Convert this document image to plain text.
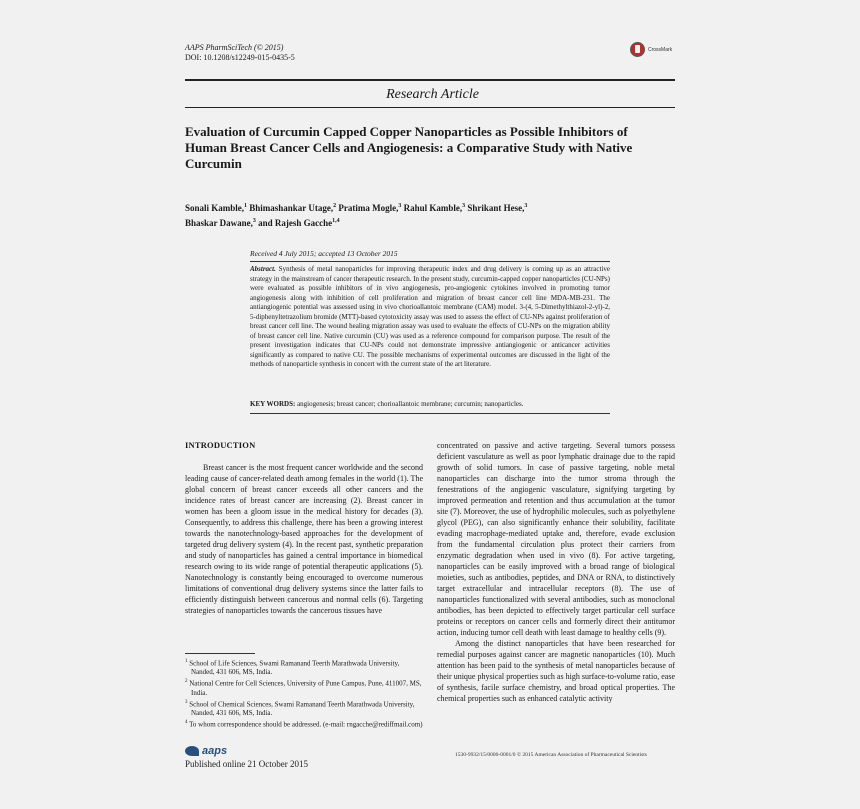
AAPS PharmSciTech (© 2015)
DOI: 10.1208/s12249-015-0435-5
CrossMark
Research Article
Evaluation of Curcumin Capped Copper Nanoparticles as Possible Inhibitors of Human Breast Cancer Cells and Angiogenesis: a Comparative Study with Native Curcumin
Sonali Kamble,$^1$ Bhimashankar Utage,$^2$ Pratima Mogle,$^3$ Rahul Kamble,$^3$ Shrikant Hese,$^3$
Bhaskar Dawane,$^3$ and Rajesh Gacche$^{1,4}$
Received 4 July 2015; accepted 13 October 2015
Abstract. Synthesis of metal nanoparticles for improving therapeutic index and drug delivery is coming up as an attractive strategy in the mainstream of cancer therapeutic research. In the present study, curcumin-capped copper nanoparticles (CU-NPs) were evaluated as possible inhibitors of in vivo angiogenesis, pro-angiogenic cytokines involved in promoting tumor angiogenesis along with inhibition of cell proliferation and migration of breast cancer cell line MDA-MB-231. The antiangiogenic potential was assessed using in vivo chorioallantoic membrane (CAM) model. 3-(4, 5-Dimethylthiazol-2-yl)-2, 5-diphenyltetrazolium bromide (MTT)-based cytotoxicity assay was used to assess the effect of CU-NPs against proliferation of breast cancer cell line. The wound healing migration assay was used to evaluate the effects of CU-NPs on the migration ability of breast cancer cell line. Native curcumin (CU) was used as a reference compound for comparison purpose. The result of the present investigation indicates that CU-NPs could not demonstrate impressive antiangiogenic or anticancer activities significantly as compared to native CU. The possible mechanisms of experimental outcomes are discussed in the light of the methods of nanoparticle synthesis in concert with the current state of the art literature.
KEY WORDS: angiogenesis; breast cancer; chorioallantoic membrane; curcumin; nanoparticles.

INTRODUCTION

Breast cancer is the most frequent cancer worldwide and the second leading cause of cancer-related death among females in the world (1). The global concern of breast cancer exceeds all other cancers and the incidence rates of breast cancer are increasing (2). Breast cancer in women has been a gloom issue in the medical history for decades (3). Consequently, to address this challenge, there has been a growing interest towards the nanotechnology-based approaches for the development of targeted drug delivery system (4). In the recent past, synthetic preparation and study of nanoparticles has gained a central importance in biomedical research owing to its wide range of potential therapeutic applications (5). Nanotechnology is constantly being encouraged to overcome numerous limitations of conventional drug delivery systems since the latter fails to efficiently distinguish between cancerous and normal cells (6). Targeting strategies of nanoparticles towards the cancerous tissues have

concentrated on passive and active targeting. Several tumors possess deficient vasculature as well as poor lymphatic drainage due to the rapid growth of solid tumors. In case of passive targeting, noble metal nanoparticles can discharge into the tumor stroma through the fenestrations of the angiogenic vasculature, signifying targeting by improved permeation and retention and thus accumulation at the tumor site (7). Moreover, the use of hydrophilic molecules, such as polyethylene glycol (PEG), can also significantly enhance their solubility, facilitate evading macrophage-mediated uptake and, therefore, evade exclusion from the fundamental circulation plus protect their carriers from enzymatic degradation when used in vivo (8). For active targeting, nanoparticles can be easily improved with a broad range of biological moieties, such as antibodies, peptides, and DNA or RNA, to distinctively target extracellular and intracellular receptors (8). The use of nanoparticles functionalized with several antibodies, such as monoclonal antibodies, has been depicted to effectively target particular cell surface proteins or receptors on cancer cells and formerly direct their antitumor action, inducing tumor cell death with least damage to healthy cells (9).

Among the distinct nanoparticles that have been researched for remedial purposes against cancer are magnetic nanoparticles (10). Much attention has been paid to the synthesis of metal nanoparticles because of their unique physical properties such as high surface-to-volume ratio, ease of synthesis, facile surface chemistry, and broad optical properties. The chemical properties such as enhanced catalytic activity

$^1$ School of Life Sciences, Swami Ramanand Teerth Marathwada University, Nanded, 431 606, MS, India.

$^2$ National Centre for Cell Sciences, University of Pune Campus, Pune, 411007, MS, India.

$^3$ School of Chemical Sciences, Swami Ramanand Teerth Marathwada University, Nanded, 431 606, MS, India.

$^4$ To whom correspondence should be addressed. (e-mail: rngacche@rediffmail.com)

aaps
Published online 21 October 2015
1530-9932/15/0000-0001/0 © 2015 American Association of Pharmaceutical Scientists
